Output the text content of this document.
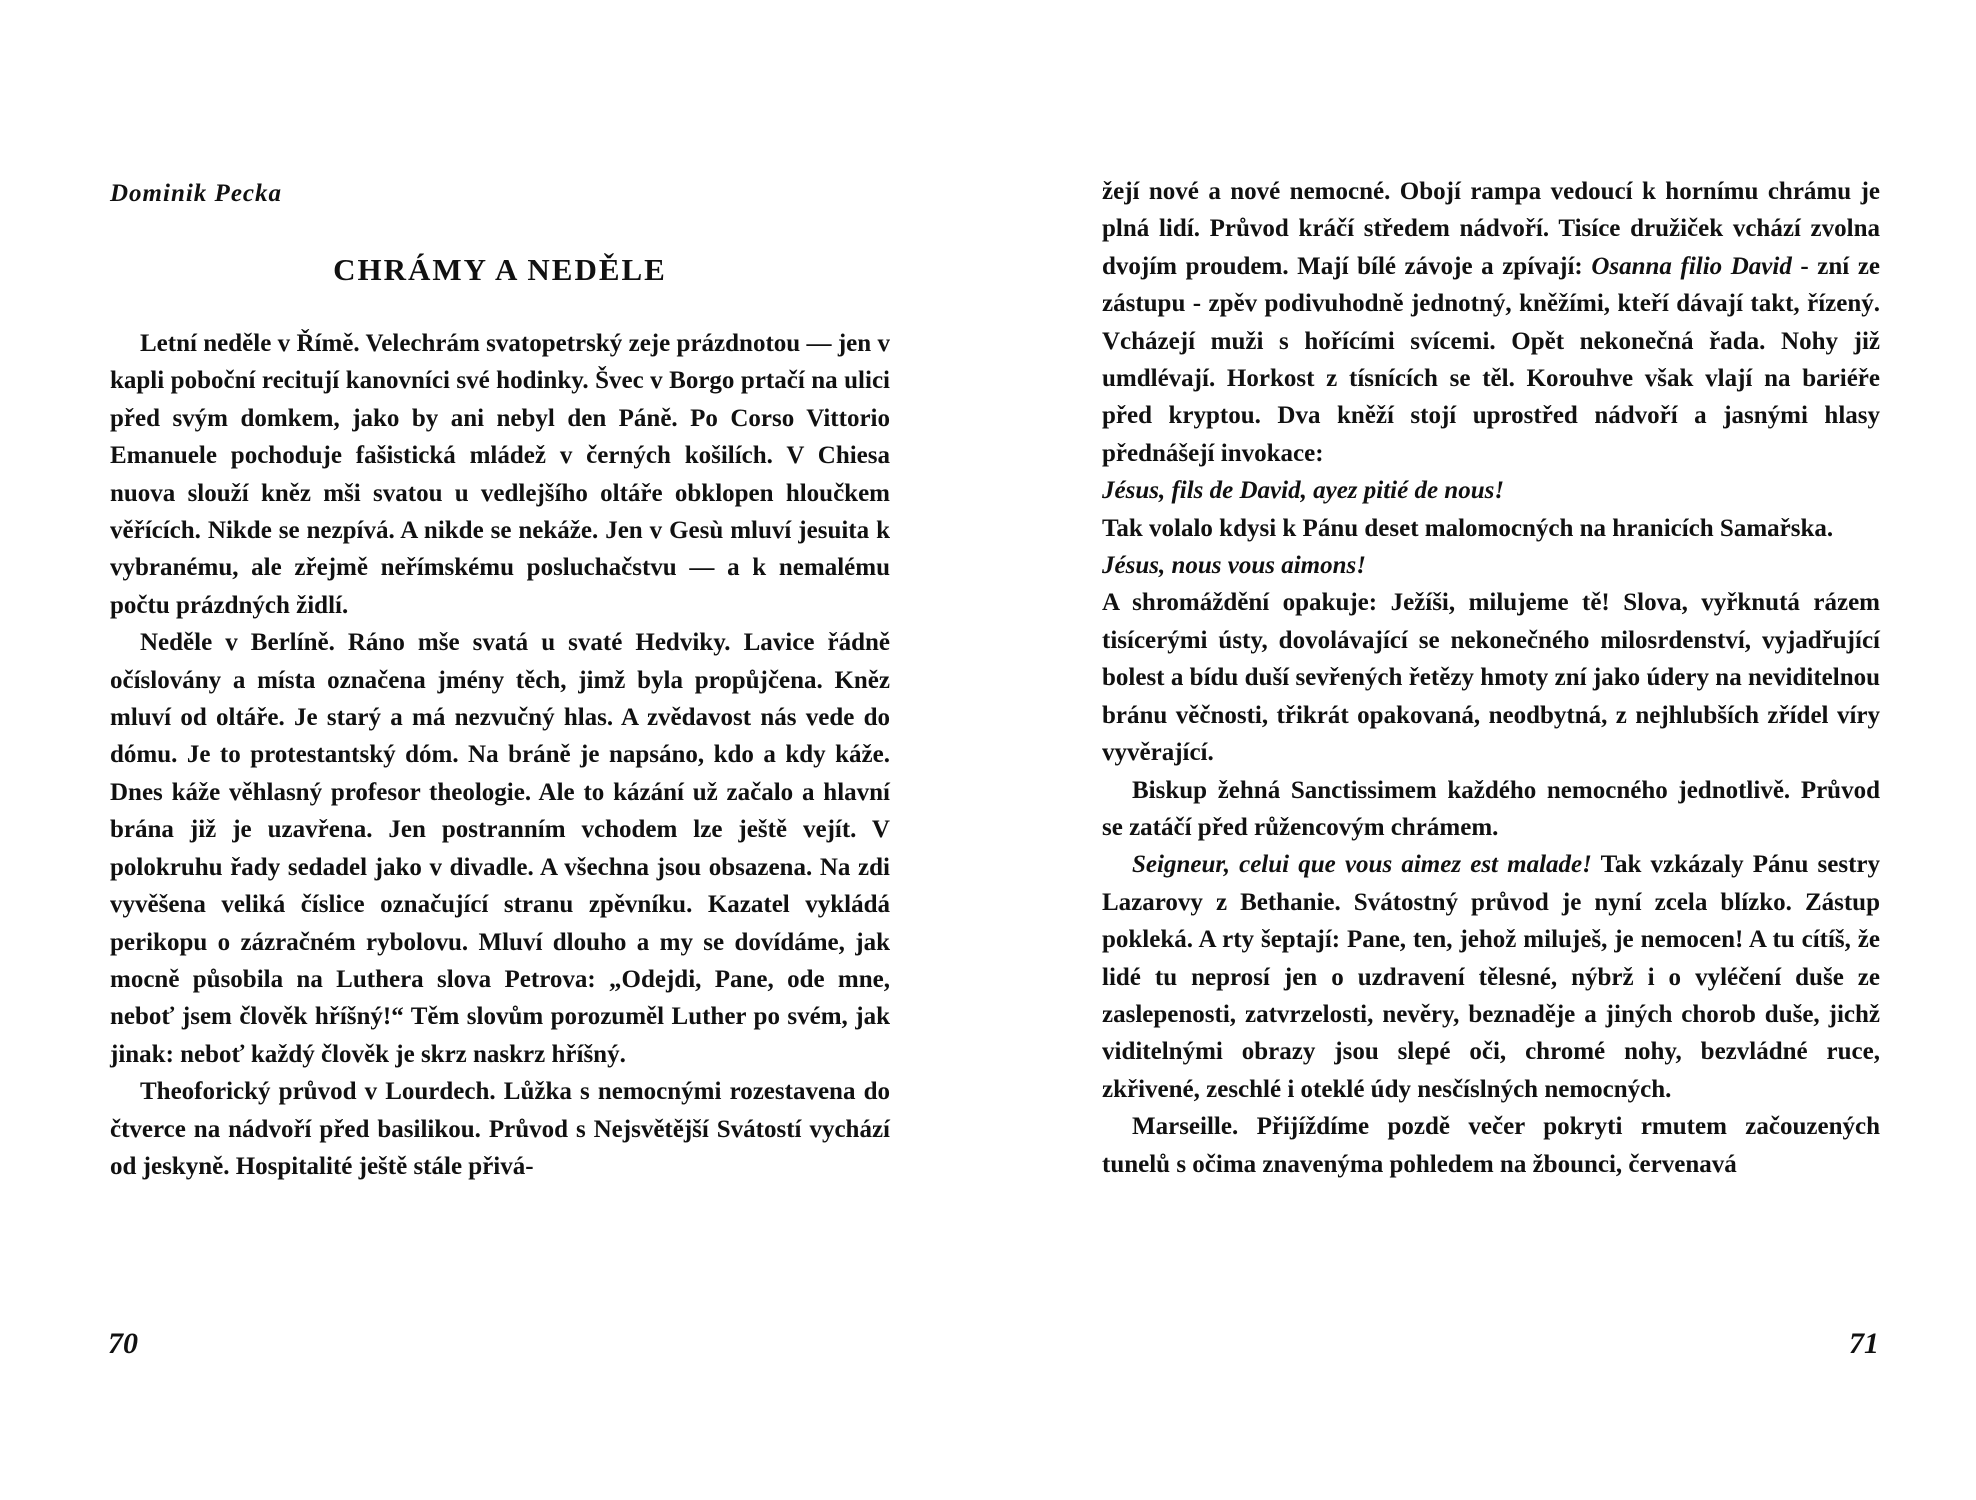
Dominik Pecka

CHRÁMY A NEDĚLE

Letní neděle v Římě. Velechrám svatopetrský zeje prázdnotou — jen v kapli poboční recitují kanovníci své hodinky. Švec v Borgo prtačí na ulici před svým domkem, jako by ani nebyl den Páně. Po Corso Vittorio Emanuele pochoduje fašistická mládež v černých košilích. V Chiesa nuova slouží kněz mši svatou u vedlejšího oltáře obklopen hloučkem věřících. Nikde se nezpívá. A nikde se nekáže. Jen v Gesù mluví jesuita k vybranému, ale zřejmě neřímskému posluchačstvu — a k nemalému počtu prázdných židlí.

Neděle v Berlíně. Ráno mše svatá u svaté Hedviky. Lavice řádně očíslovány a místa označena jmény těch, jimž byla propůjčena. Kněz mluví od oltáře. Je starý a má nezvučný hlas. A zvědavost nás vede do dómu. Je to protestantský dóm. Na bráně je napsáno, kdo a kdy káže. Dnes káže věhlasný profesor theologie. Ale to kázání už začalo a hlavní brána již je uzavřena. Jen postranním vchodem lze ještě vejít. V polokruhu řady sedadel jako v divadle. A všechna jsou obsazena. Na zdi vyvěšena veliká číslice označující stranu zpěvníku. Kazatel vykládá perikopu o zázračném rybolovu. Mluví dlouho a my se dovídáme, jak mocně působila na Luthera slova Petrova: „Odejdi, Pane, ode mne, neboť jsem člověk hříšný!“ Těm slovům porozuměl Luther po svém, jak jinak: neboť každý člověk je skrz naskrz hříšný.

Theoforický průvod v Lourdech. Lůžka s nemocnými rozestavena do čtverce na nádvoří před basilikou. Průvod s Nejsvětější Svátostí vychází od jeskyně. Hospitalité ještě stále přivá-

70

žejí nové a nové nemocné. Obojí rampa vedoucí k hornímu chrámu je plná lidí. Průvod kráčí středem nádvoří. Tisíce družiček vchází zvolna dvojím proudem. Mají bílé závoje a zpívají: Osanna filio David - zní ze zástupu - zpěv podivuhodně jednotný, kněžími, kteří dávají takt, řízený. Vcházejí muži s hořícími svícemi. Opět nekonečná řada. Nohy již umdlévají. Horkost z tísnících se těl. Korouhve však vlají na bariéře před kryptou. Dva kněží stojí uprostřed nádvoří a jasnými hlasy přednášejí invokace:

Jésus, fils de David, ayez pitié de nous!

Tak volalo kdysi k Pánu deset malomocných na hranicích Samařska.

Jésus, nous vous aimons!

A shromáždění opakuje: Ježíši, milujeme tě! Slova, vyřknutá rázem tisícerými ústy, dovolávající se nekonečného milosrdenství, vyjadřující bolest a bídu duší sevřených řetězy hmoty zní jako údery na neviditelnou bránu věčnosti, třikrát opakovaná, neodbytná, z nejhlubších zřídel víry vyvěrající.

Biskup žehná Sanctissimem každého nemocného jednotlivě. Průvod se zatáčí před růžencovým chrámem.

Seigneur, celui que vous aimez est malade! Tak vzkázaly Pánu sestry Lazarovy z Bethanie. Svátostný průvod je nyní zcela blízko. Zástup pokleká. A rty šeptají: Pane, ten, jehož miluješ, je nemocen! A tu cítíš, že lidé tu neprosí jen o uzdravení tělesné, nýbrž i o vyléčení duše ze zaslepenosti, zatvrzelosti, nevěry, beznaděje a jiných chorob duše, jichž viditelnými obrazy jsou slepé oči, chromé nohy, bezvládné ruce, zkřivené, zeschlé i oteklé údy nesčíslných nemocných.

Marseille. Přijíždíme pozdě večer pokryti rmutem začouzených tunelů s očima znavenýma pohledem na žbounci, červenavá

71
